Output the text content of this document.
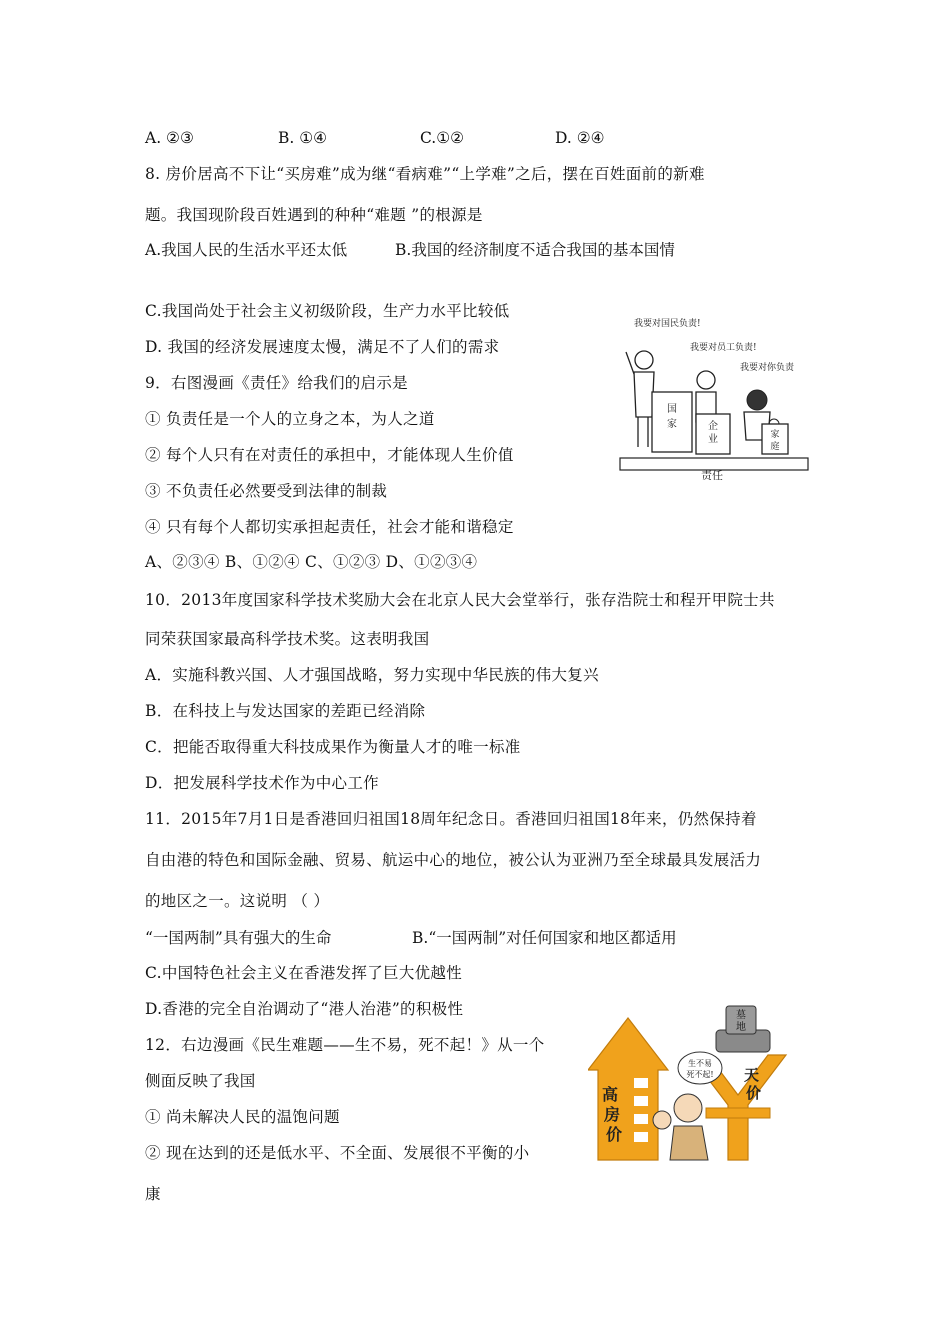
A. ②③	B. ①④	C.①②	D. ②④
8. 房价居高不下让“买房难”成为继“看病难”“上学难”之后，摆在百姓面前的新难
题。我国现阶段百姓遇到的种种“难题 ”的根源是
A.我国人民的生活水平还太低	B.我国的经济制度不适合我国的基本国情
C.我国尚处于社会主义初级阶段，生产力水平比较低
D. 我国的经济发展速度太慢，满足不了人们的需求
9．右图漫画《责任》给我们的启示是
① 负责任是一个人的立身之本，为人之道
② 每个人只有在对责任的承担中，才能体现人生价值
③ 不负责任必然要受到法律的制裁
④ 只有每个人都切实承担起责任，社会才能和谐稳定
A、②③④ B、①②④ C、①②③ D、①②③④
国
家	企
业	家
庭
我要对国民负责!
我要对员工负责!
我要对你负责
责任
10．2013年度国家科学技术奖励大会在北京人民大会堂举行，张存浩院士和程开甲院士共
同荣获国家最高科学技术奖。这表明我国
A．实施科教兴国、人才强国战略，努力实现中华民族的伟大复兴
B．在科技上与发达国家的差距已经消除
C．把能否取得重大科技成果作为衡量人才的唯一标准
D．把发展科学技术作为中心工作
11．2015年7月1日是香港回归祖国18周年纪念日。香港回归祖国18年来，仍然保持着
自由港的特色和国际金融、贸易、航运中心的地位，被公认为亚洲乃至全球最具发展活力
的地区之一。这说明 （ ）
“一国两制”具有强大的生命	B.“一国两制”对任何国家和地区都适用
C.中国特色社会主义在香港发挥了巨大优越性
D.香港的完全自治调动了“港人治港”的积极性
12．右边漫画《民生难题——生不易，死不起！》从一个
侧面反映了我国
① 尚未解决人民的温饱问题
② 现在达到的还是低水平、不全面、发展很不平衡的小
康
高
房
价
天
价
墓
地
生不易
死不起!
